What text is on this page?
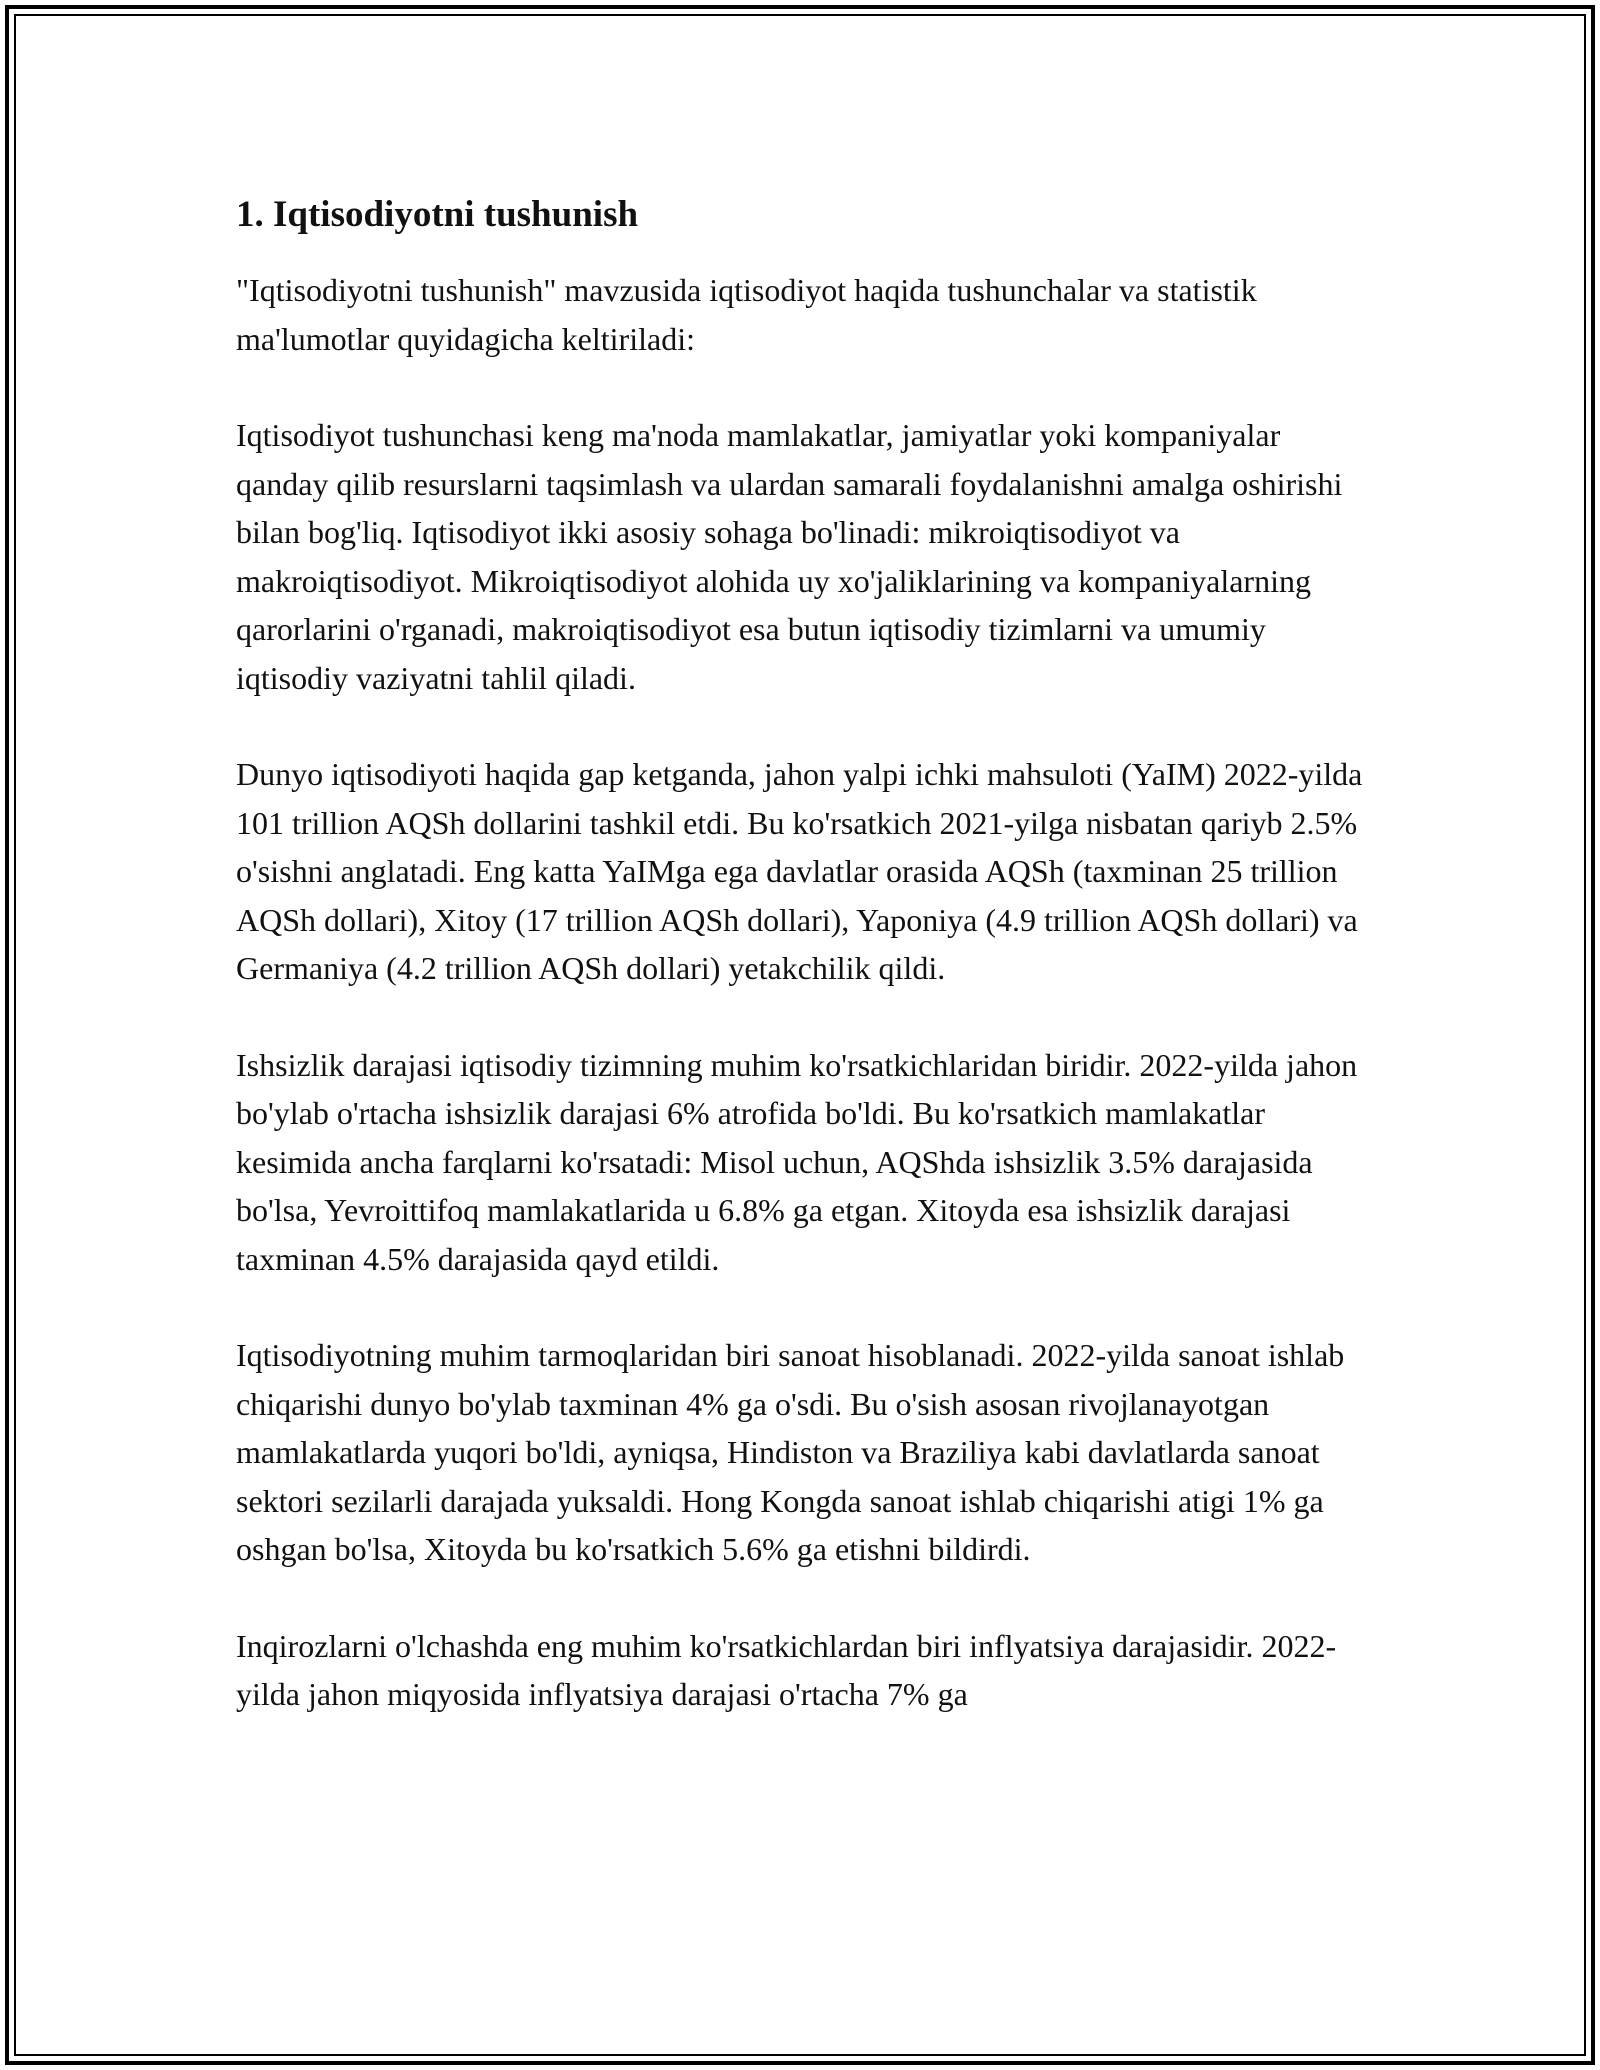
1. Iqtisodiyotni tushunish

"Iqtisodiyotni tushunish" mavzusida iqtisodiyot haqida tushunchalar va statistik ma'lumotlar quyidagicha keltiriladi:

Iqtisodiyot tushunchasi keng ma'noda mamlakatlar, jamiyatlar yoki kompaniyalar qanday qilib resurslarni taqsimlash va ulardan samarali foydalanishni amalga oshirishi bilan bog'liq. Iqtisodiyot ikki asosiy sohaga bo'linadi: mikroiqtisodiyot va makroiqtisodiyot. Mikroiqtisodiyot alohida uy xo'jaliklarining va kompaniyalarning qarorlarini o'rganadi, makroiqtisodiyot esa butun iqtisodiy tizimlarni va umumiy iqtisodiy vaziyatni tahlil qiladi.

Dunyo iqtisodiyoti haqida gap ketganda, jahon yalpi ichki mahsuloti (YaIM) 2022-yilda 101 trillion AQSh dollarini tashkil etdi. Bu ko'rsatkich 2021-yilga nisbatan qariyb 2.5% o'sishni anglatadi. Eng katta YaIMga ega davlatlar orasida AQSh (taxminan 25 trillion AQSh dollari), Xitoy (17 trillion AQSh dollari), Yaponiya (4.9 trillion AQSh dollari) va Germaniya (4.2 trillion AQSh dollari) yetakchilik qildi.

Ishsizlik darajasi iqtisodiy tizimning muhim ko'rsatkichlaridan biridir. 2022-yilda jahon bo'ylab o'rtacha ishsizlik darajasi 6% atrofida bo'ldi. Bu ko'rsatkich mamlakatlar kesimida ancha farqlarni ko'rsatadi: Misol uchun, AQShda ishsizlik 3.5% darajasida bo'lsa, Yevroittifoq mamlakatlarida u 6.8% ga etgan. Xitoyda esa ishsizlik darajasi taxminan 4.5% darajasida qayd etildi.

Iqtisodiyotning muhim tarmoqlaridan biri sanoat hisoblanadi. 2022-yilda sanoat ishlab chiqarishi dunyo bo'ylab taxminan 4% ga o'sdi. Bu o'sish asosan rivojlanayotgan mamlakatlarda yuqori bo'ldi, ayniqsa, Hindiston va Braziliya kabi davlatlarda sanoat sektori sezilarli darajada yuksaldi. Hong Kongda sanoat ishlab chiqarishi atigi 1% ga oshgan bo'lsa, Xitoyda bu ko'rsatkich 5.6% ga etishni bildirdi.

Inqirozlarni o'lchashda eng muhim ko'rsatkichlardan biri inflyatsiya darajasidir. 2022-yilda jahon miqyosida inflyatsiya darajasi o'rtacha 7% ga
